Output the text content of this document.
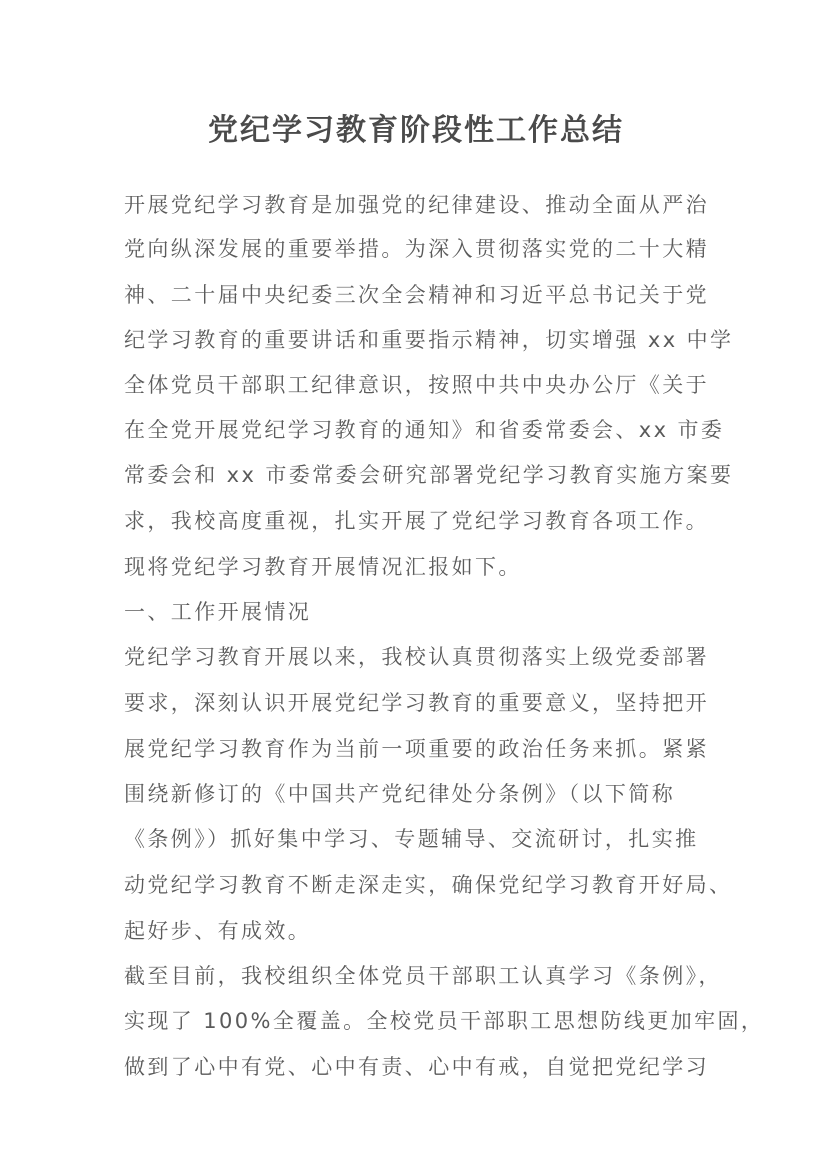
党纪学习教育阶段性工作总结
开展党纪学习教育是加强党的纪律建设、推动全面从严治
党向纵深发展的重要举措。为深入贯彻落实党的二十大精
神、二十届中央纪委三次全会精神和习近平总书记关于党
纪学习教育的重要讲话和重要指示精神，切实增强 xx 中学
全体党员干部职工纪律意识，按照中共中央办公厅《关于
在全党开展党纪学习教育的通知》和省委常委会、xx 市委
常委会和 xx 市委常委会研究部署党纪学习教育实施方案要
求，我校高度重视，扎实开展了党纪学习教育各项工作。
现将党纪学习教育开展情况汇报如下。
一、工作开展情况
党纪学习教育开展以来，我校认真贯彻落实上级党委部署
要求，深刻认识开展党纪学习教育的重要意义，坚持把开
展党纪学习教育作为当前一项重要的政治任务来抓。紧紧
围绕新修订的《中国共产党纪律处分条例》（以下简称
《条例》）抓好集中学习、专题辅导、交流研讨，扎实推
动党纪学习教育不断走深走实，确保党纪学习教育开好局、
起好步、有成效。
截至目前，我校组织全体党员干部职工认真学习《条例》，
实现了 100%全覆盖。全校党员干部职工思想防线更加牢固，
做到了心中有党、心中有责、心中有戒，自觉把党纪学习
